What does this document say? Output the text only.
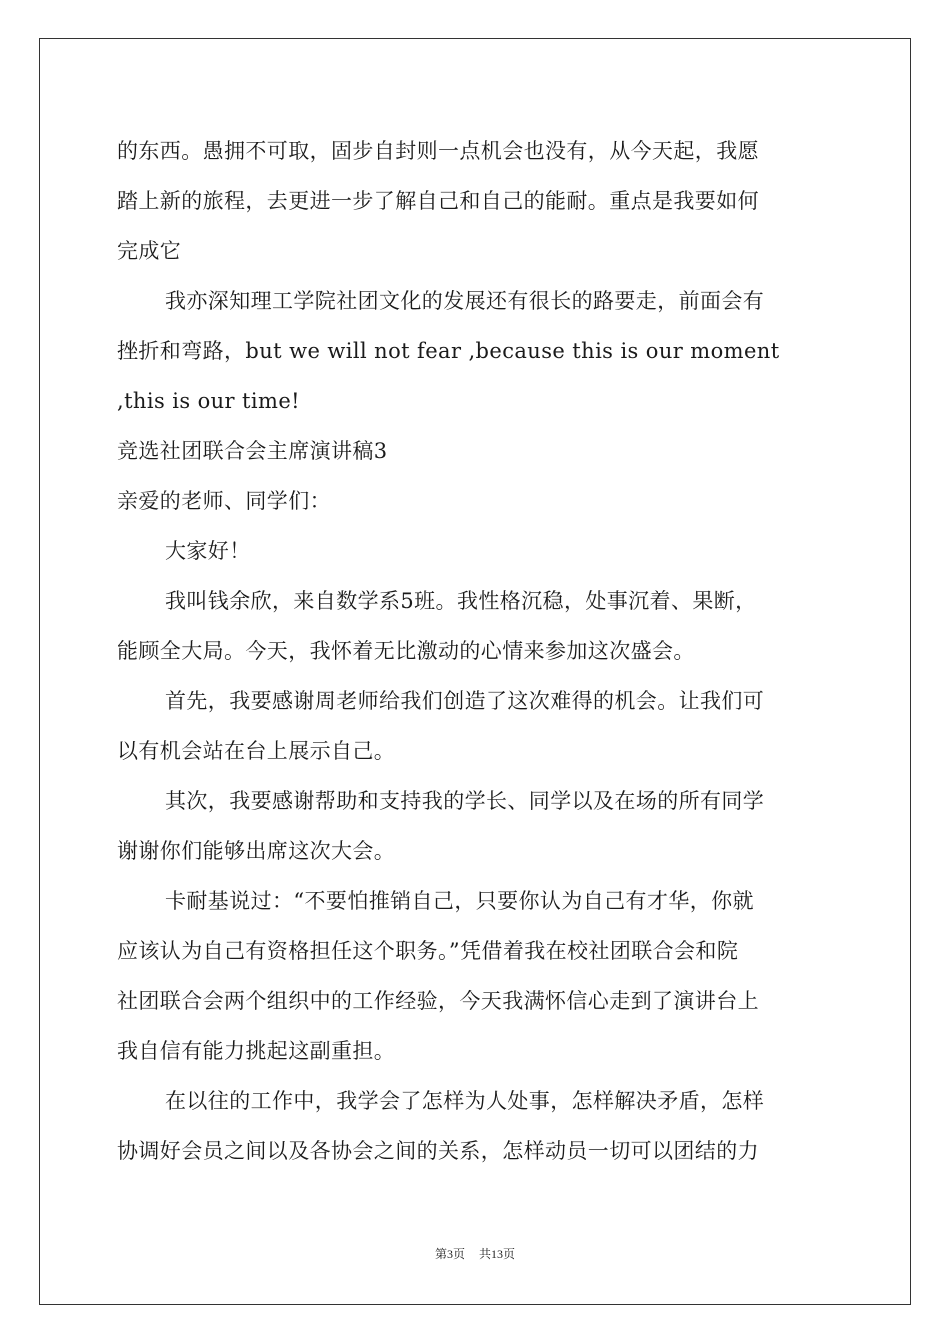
的东西。愚拥不可取，固步自封则一点机会也没有，从今天起，我愿
踏上新的旅程，去更进一步了解自己和自己的能耐。重点是我要如何
完成它
我亦深知理工学院社团文化的发展还有很长的路要走，前面会有
挫折和弯路，but we will not fear ,because this is our moment
,this is our time!
竞选社团联合会主席演讲稿3
亲爱的老师、同学们：
大家好！
我叫钱余欣，来自数学系5班。我性格沉稳，处事沉着、果断，
能顾全大局。今天，我怀着无比激动的心情来参加这次盛会。
首先，我要感谢周老师给我们创造了这次难得的机会。让我们可
以有机会站在台上展示自己。
其次，我要感谢帮助和支持我的学长、同学以及在场的所有同学
谢谢你们能够出席这次大会。
卡耐基说过：“不要怕推销自己，只要你认为自己有才华，你就
应该认为自己有资格担任这个职务。”凭借着我在校社团联合会和院
社团联合会两个组织中的工作经验，今天我满怀信心走到了演讲台上
我自信有能力挑起这副重担。
在以往的工作中，我学会了怎样为人处事，怎样解决矛盾，怎样
协调好会员之间以及各协会之间的关系，怎样动员一切可以团结的力
第3页 共13页
